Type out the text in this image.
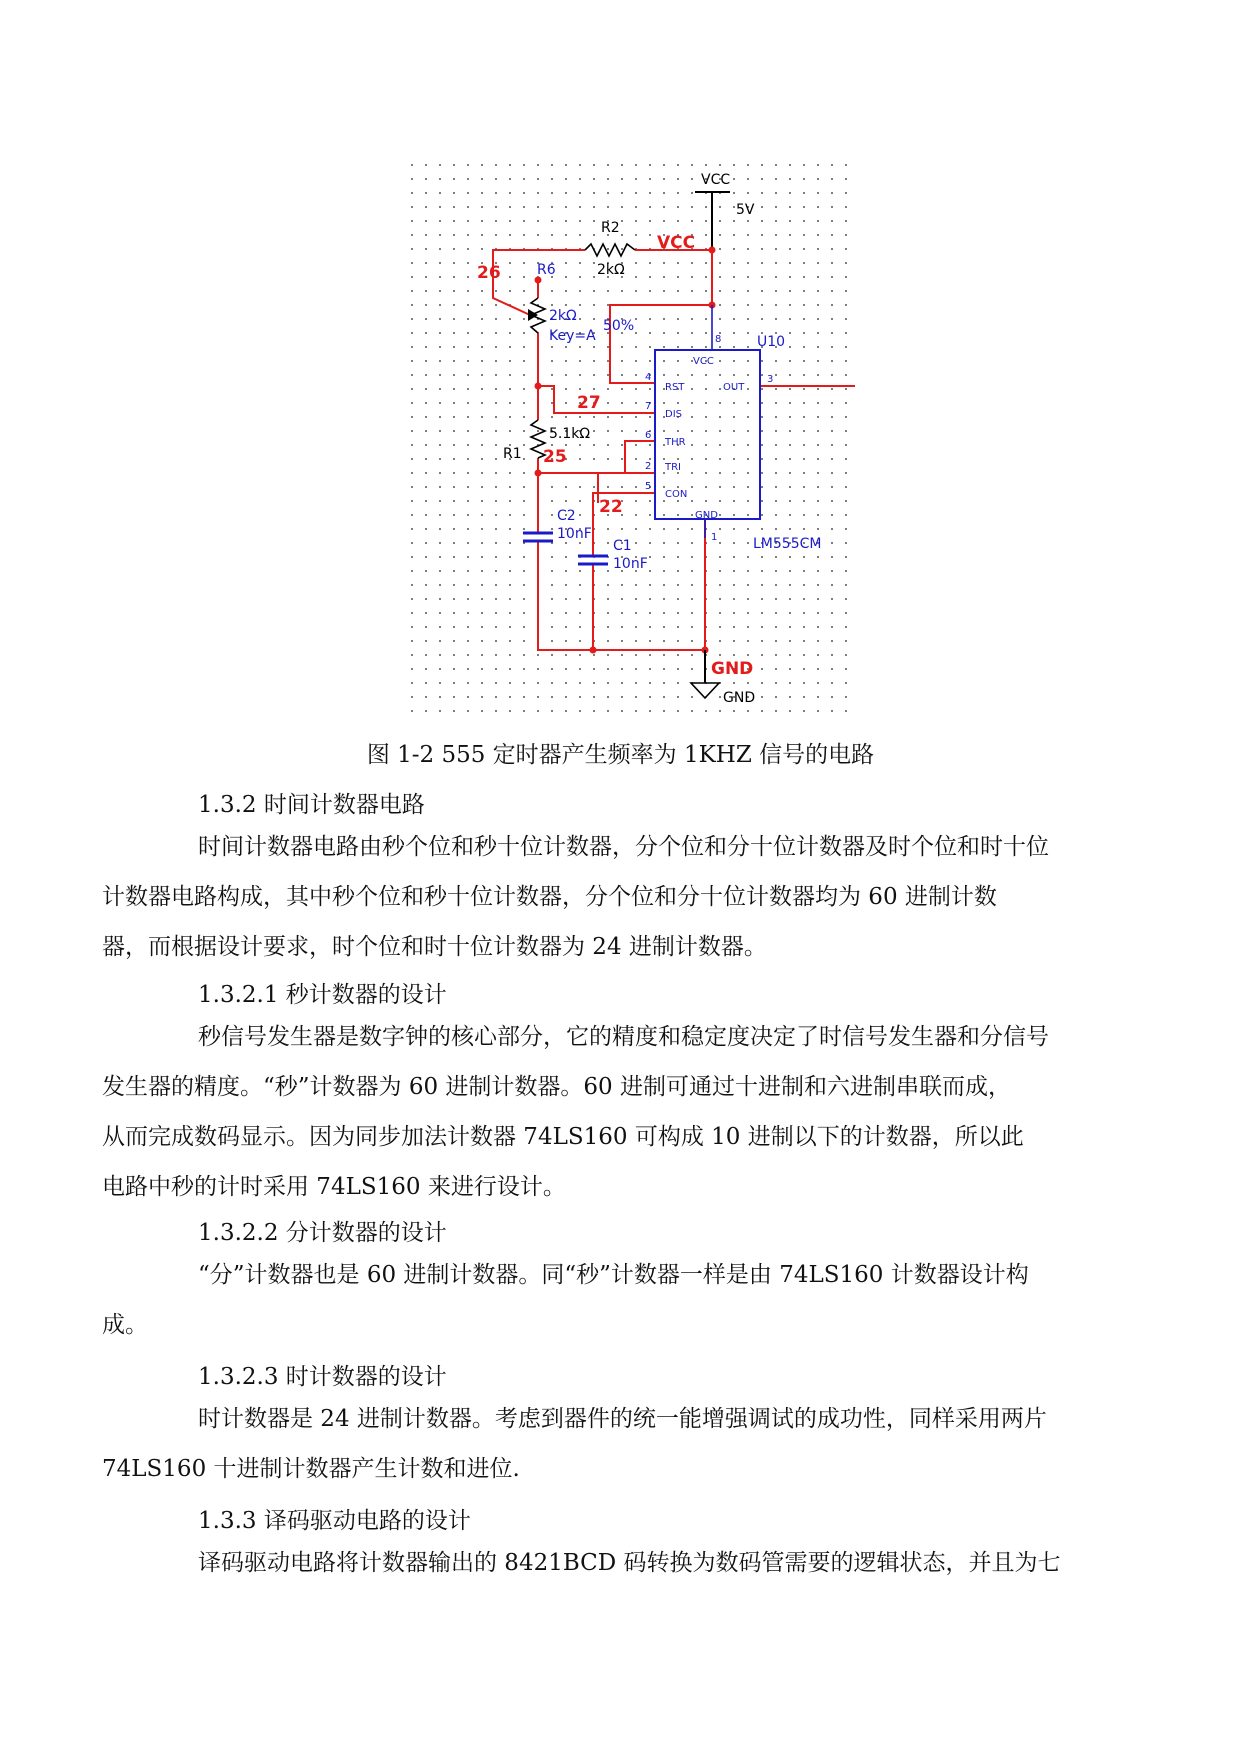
VCC
5V
R2
2kΩ
VCC
R6
26
2kΩ
Key=A
50%
27
5.1kΩ
R1 25
22
C2
10nF
C1
10nF
U10
LM555CM
GND
GND
VCC
RST	OUT
DIS
THR
TRI
CON
GND
8
4	3
7
6
2
5
1
图 1-2 555 定时器产生频率为 1KHZ 信号的电路
1.3.2 时间计数器电路
时间计数器电路由秒个位和秒十位计数器，分个位和分十位计数器及时个位和时十位
计数器电路构成，其中秒个位和秒十位计数器，分个位和分十位计数器均为 60 进制计数
器，而根据设计要求，时个位和时十位计数器为 24 进制计数器。
1.3.2.1 秒计数器的设计
秒信号发生器是数字钟的核心部分，它的精度和稳定度决定了时信号发生器和分信号
发生器的精度。“秒”计数器为 60 进制计数器。60 进制可通过十进制和六进制串联而成，
从而完成数码显示。因为同步加法计数器 74LS160 可构成 10 进制以下的计数器，所以此
电路中秒的计时采用 74LS160 来进行设计。
1.3.2.2 分计数器的设计
“分”计数器也是 60 进制计数器。同“秒”计数器一样是由 74LS160 计数器设计构
成。
1.3.2.3 时计数器的设计
时计数器是 24 进制计数器。考虑到器件的统一能增强调试的成功性，同样采用两片
74LS160 十进制计数器产生计数和进位.
1.3.3 译码驱动电路的设计
译码驱动电路将计数器输出的 8421BCD 码转换为数码管需要的逻辑状态，并且为七
